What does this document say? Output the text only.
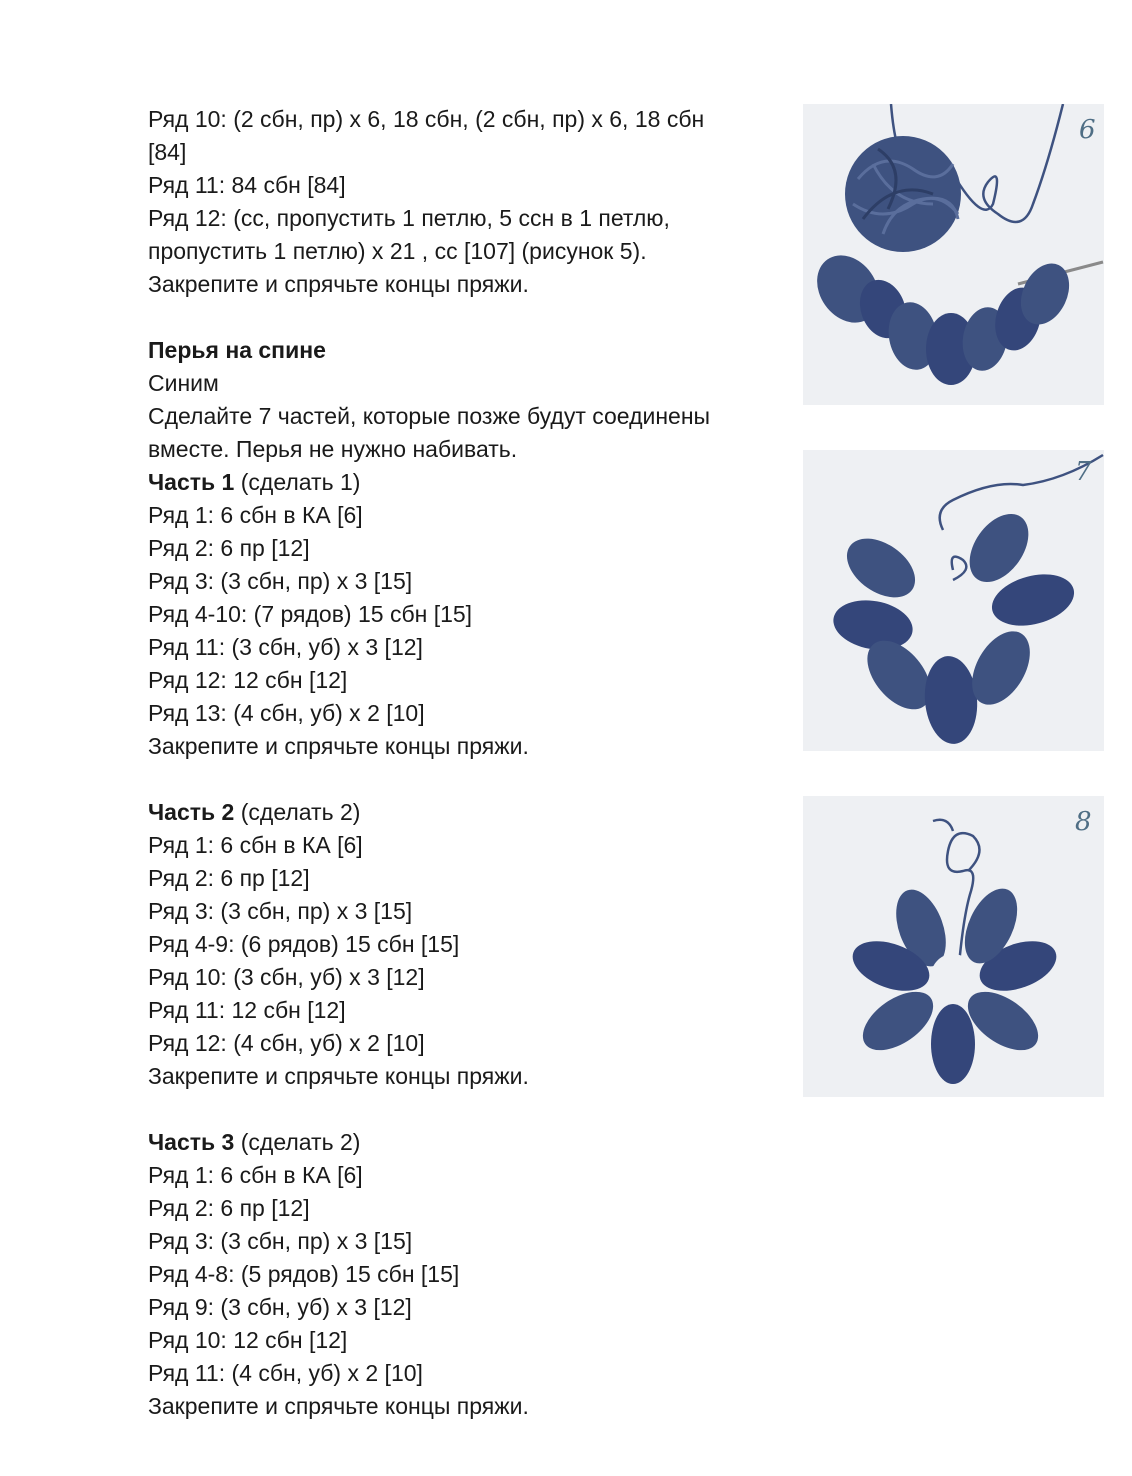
Ряд 10: (2 сбн, пр) х 6, 18 сбн, (2 сбн, пр) х 6, 18 сбн
[84]
Ряд 11: 84 сбн [84]
Ряд 12: (сс, пропустить 1 петлю, 5 ссн в 1 петлю,
пропустить 1 петлю) х 21 , сс [107] (рисунок 5).
Закрепите и спрячьте концы пряжи.
Перья на спине
Синим
Сделайте 7 частей, которые позже будут соединены
вместе. Перья не нужно набивать.
Часть 1 (сделать 1)
Ряд 1: 6 сбн в КА [6]
Ряд 2: 6 пр [12]
Ряд 3: (3 сбн, пр) х 3 [15]
Ряд 4-10: (7 рядов) 15 сбн [15]
Ряд 11: (3 сбн, уб) х 3 [12]
Ряд 12: 12 сбн [12]
Ряд 13: (4 сбн, уб) х 2 [10]
Закрепите и спрячьте концы пряжи.
Часть 2 (сделать 2)
Ряд 1: 6 сбн в КА [6]
Ряд 2: 6 пр [12]
Ряд 3: (3 сбн, пр) х 3 [15]
Ряд 4-9: (6 рядов) 15 сбн [15]
Ряд 10: (3 сбн, уб) х 3 [12]
Ряд 11: 12 сбн [12]
Ряд 12: (4 сбн, уб) х 2 [10]
Закрепите и спрячьте концы пряжи.
Часть 3 (сделать 2)
Ряд 1: 6 сбн в КА [6]
Ряд 2: 6 пр [12]
Ряд 3: (3 сбн, пр) х 3 [15]
Ряд 4-8: (5 рядов) 15 сбн [15]
Ряд 9: (3 сбн, уб) х 3 [12]
Ряд 10: 12 сбн [12]
Ряд 11: (4 сбн, уб) х 2 [10]
Закрепите и спрячьте концы пряжи.
6
7
8
